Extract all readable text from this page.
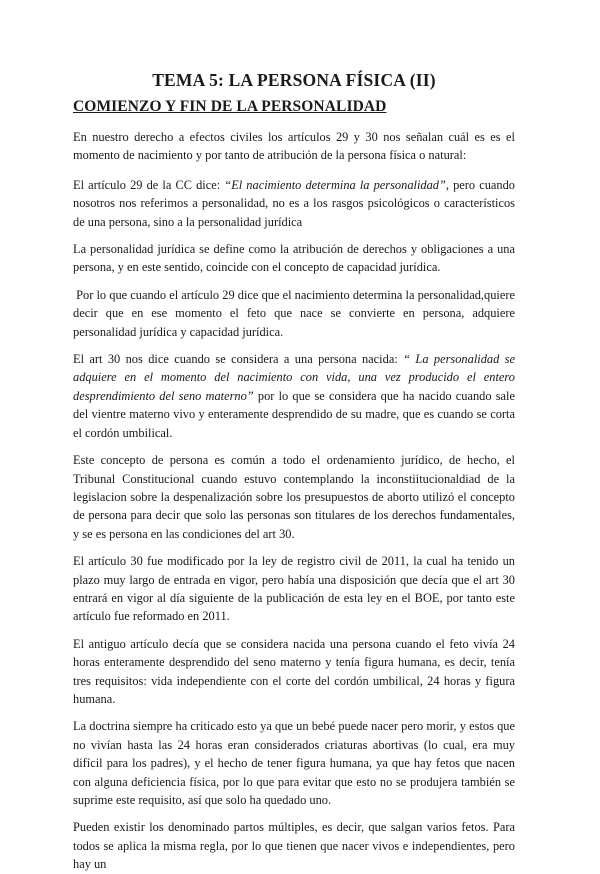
TEMA 5: LA PERSONA FÍSICA (II)
COMIENZO Y FIN DE LA PERSONALIDAD

En nuestro derecho a efectos civiles los artículos 29 y 30 nos señalan cuál es es el momento de nacimiento y por tanto de atribución de la persona física o natural:

El artículo 29 de la CC dice: “El nacimiento determina la personalidad”, pero cuando nosotros nos referimos a personalidad, no es a los rasgos psicológicos o característicos de una persona, sino a la personalidad jurídica

La personalidad jurídica se define como la atribución de derechos y obligaciones a una persona, y en este sentido, coincide con el concepto de capacidad jurídica.

Por lo que cuando el artículo 29 dice que el nacimiento determina la personalidad,quiere decir que en ese momento el feto que nace se convierte en persona, adquiere personalidad jurídica y capacidad jurídica.

El art 30 nos dice cuando se considera a una persona nacida: “ La personalidad se adquiere en el momento del nacimiento con vida, una vez producido el entero desprendimiento del seno materno” por lo que se considera que ha nacido cuando sale del vientre materno vivo y enteramente desprendido de su madre, que es cuando se corta el cordón umbilical.

Este concepto de persona es común a todo el ordenamiento jurídico, de hecho, el Tribunal Constitucional cuando estuvo contemplando la inconstiitucionaldiad de la legislacion sobre la despenalización sobre los presupuestos de aborto utilizó el concepto de persona para decir que solo las personas son titulares de los derechos fundamentales, y se es persona en las condiciones del art 30.

El artículo 30 fue modificado por la ley de registro civil de 2011, la cual ha tenido un plazo muy largo de entrada en vigor, pero había una disposición que decía que el art 30 entrará en vigor al día siguiente de la publicación de esta ley en el BOE, por tanto este artículo fue reformado en 2011.

El antiguo artículo decía que se considera nacida una persona cuando el feto vivía 24 horas enteramente desprendido del seno materno y tenía figura humana, es decir, tenía tres requisitos: vida independiente con el corte del cordón umbilical, 24 horas y figura humana.

La doctrina siempre ha criticado esto ya que un bebé puede nacer pero morir, y estos que no vivían hasta las 24 horas eran considerados criaturas abortivas (lo cual, era muy difícil para los padres), y el hecho de tener figura humana, ya que hay fetos que nacen con alguna deficiencia física, por lo que para evitar que esto no se produjera también se suprime este requisito, así que solo ha quedado uno.

Pueden existir los denominado partos múltiples, es decir, que salgan varios fetos. Para todos se aplica la misma regla, por lo que tienen que nacer vivos e independientes, pero hay un
